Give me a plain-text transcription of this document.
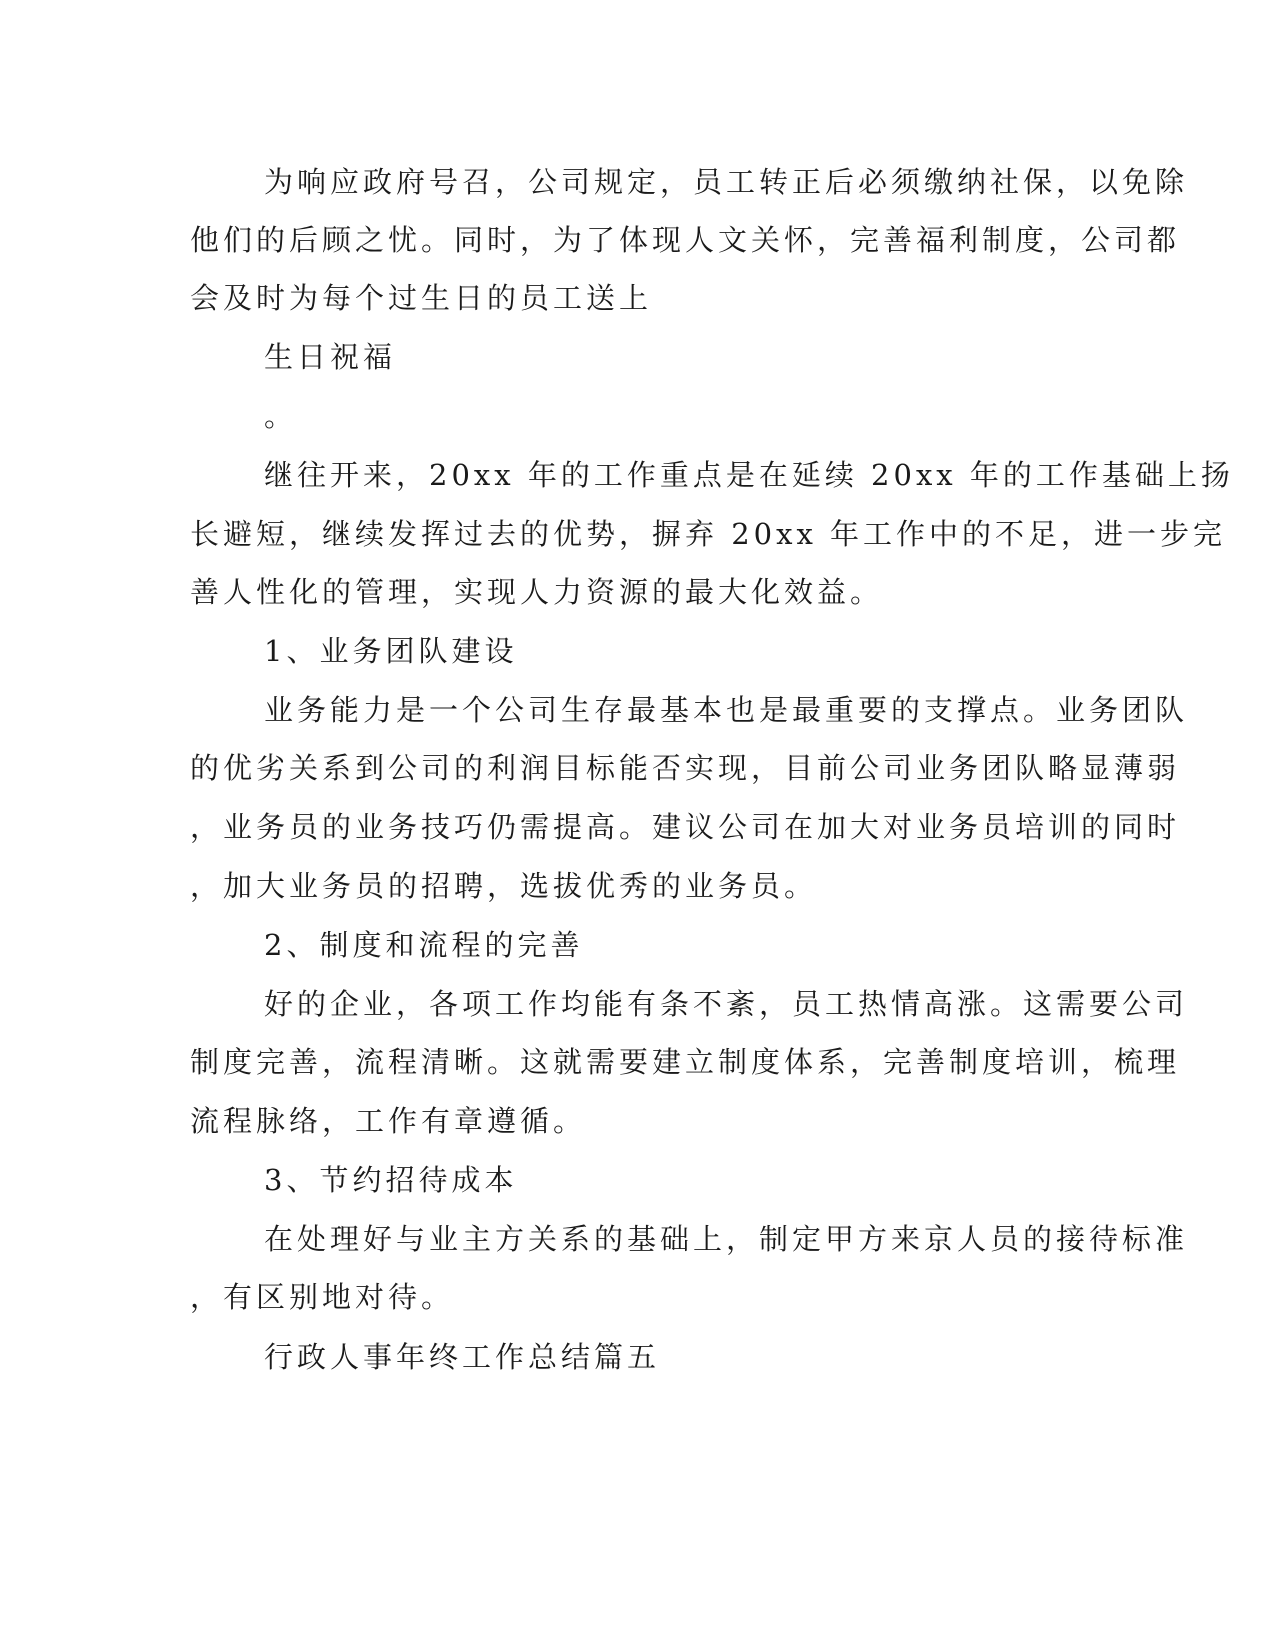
为响应政府号召，公司规定，员工转正后必须缴纳社保，以免除
他们的后顾之忧。同时，为了体现人文关怀，完善福利制度，公司都
会及时为每个过生日的员工送上
生日祝福
。
继往开来，20xx 年的工作重点是在延续 20xx 年的工作基础上扬
长避短，继续发挥过去的优势，摒弃 20xx 年工作中的不足，进一步完
善人性化的管理，实现人力资源的最大化效益。
1、业务团队建设
业务能力是一个公司生存最基本也是最重要的支撑点。业务团队
的优劣关系到公司的利润目标能否实现，目前公司业务团队略显薄弱
，业务员的业务技巧仍需提高。建议公司在加大对业务员培训的同时
，加大业务员的招聘，选拔优秀的业务员。
2、制度和流程的完善
好的企业，各项工作均能有条不紊，员工热情高涨。这需要公司
制度完善，流程清晰。这就需要建立制度体系，完善制度培训，梳理
流程脉络，工作有章遵循。
3、节约招待成本
在处理好与业主方关系的基础上，制定甲方来京人员的接待标准
，有区别地对待。
行政人事年终工作总结篇五
